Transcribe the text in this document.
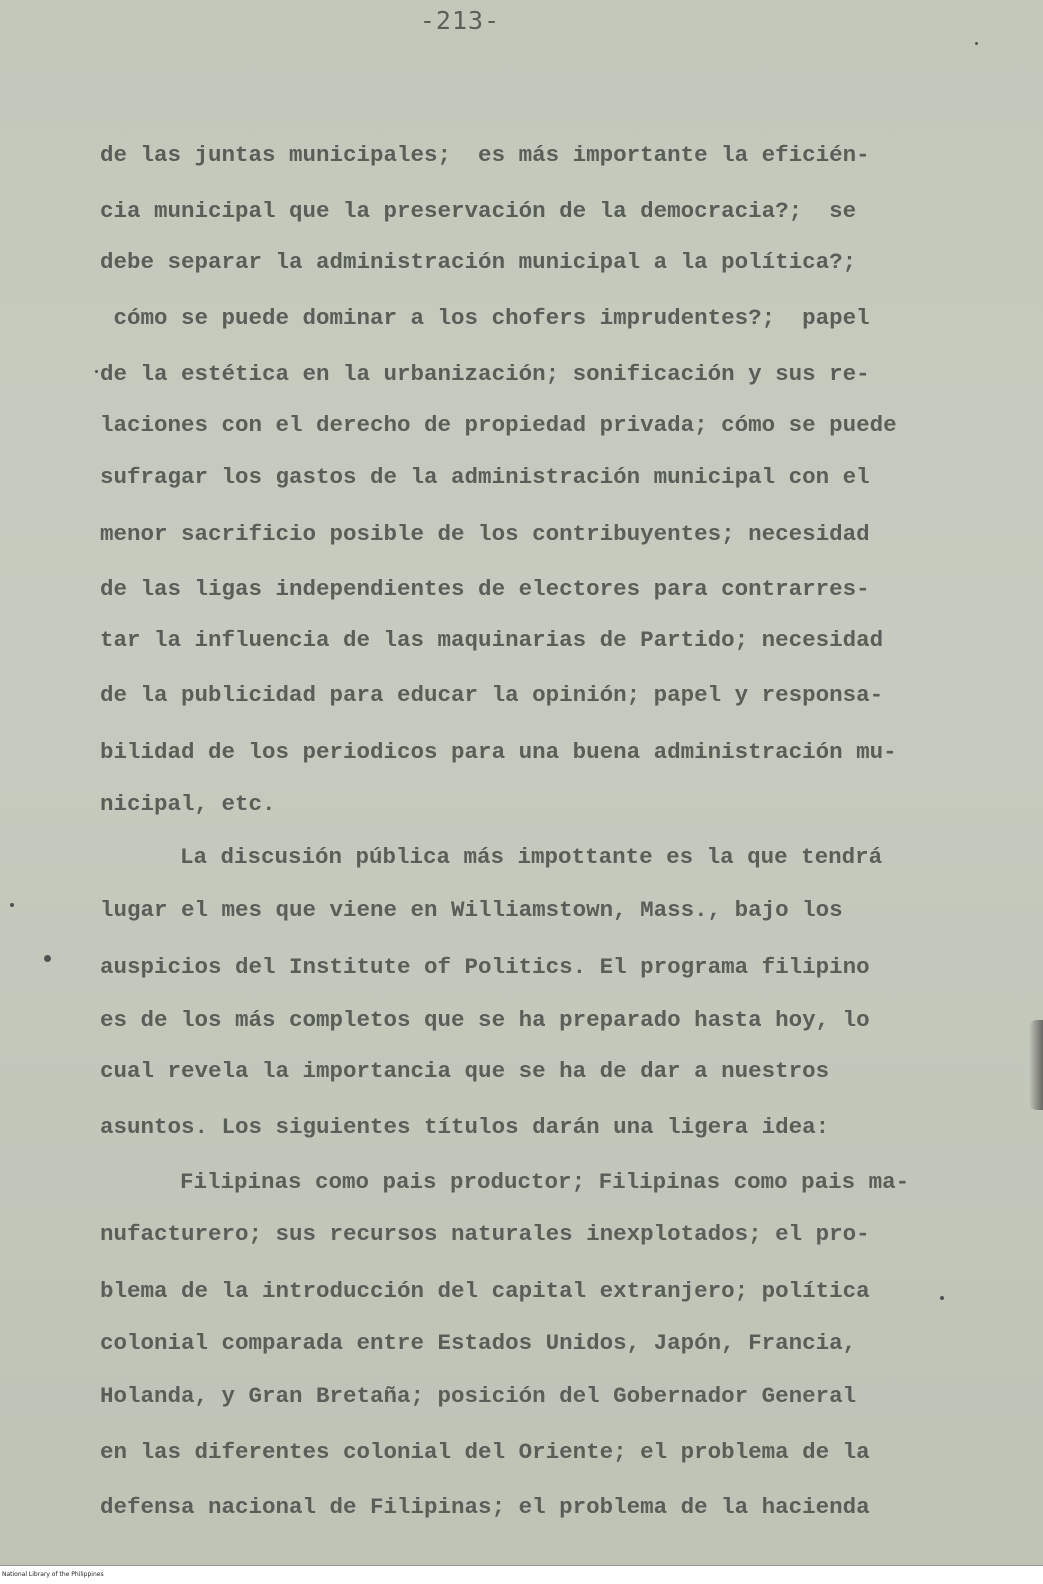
-213-
de las juntas municipales;  es más importante la eficién-
cia municipal que la preservación de la democracia?;  se
debe separar la administración municipal a la política?;
cómo se puede dominar a los chofers imprudentes?;  papel
de la estética en la urbanización; sonificación y sus re-
laciones con el derecho de propiedad privada; cómo se puede
sufragar los gastos de la administración municipal con el
menor sacrificio posible de los contribuyentes; necesidad
de las ligas independientes de electores para contrarres-
tar la influencia de las maquinarias de Partido; necesidad
de la publicidad para educar la opinión; papel y responsa-
bilidad de los periodicos para una buena administración mu-
nicipal, etc.
La discusión pública más impottante es la que tendrá
lugar el mes que viene en Williamstown, Mass., bajo los
auspicios del Institute of Politics. El programa filipino
es de los más completos que se ha preparado hasta hoy, lo
cual revela la importancia que se ha de dar a nuestros
asuntos. Los siguientes títulos darán una ligera idea:
Filipinas como pais productor; Filipinas como pais ma-
nufacturero; sus recursos naturales inexplotados; el pro-
blema de la introducción del capital extranjero; política
colonial comparada entre Estados Unidos, Japón, Francia,
Holanda, y Gran Bretaña; posición del Gobernador General
en las diferentes colonial del Oriente; el problema de la
defensa nacional de Filipinas; el problema de la hacienda
National Library of the Philippines
